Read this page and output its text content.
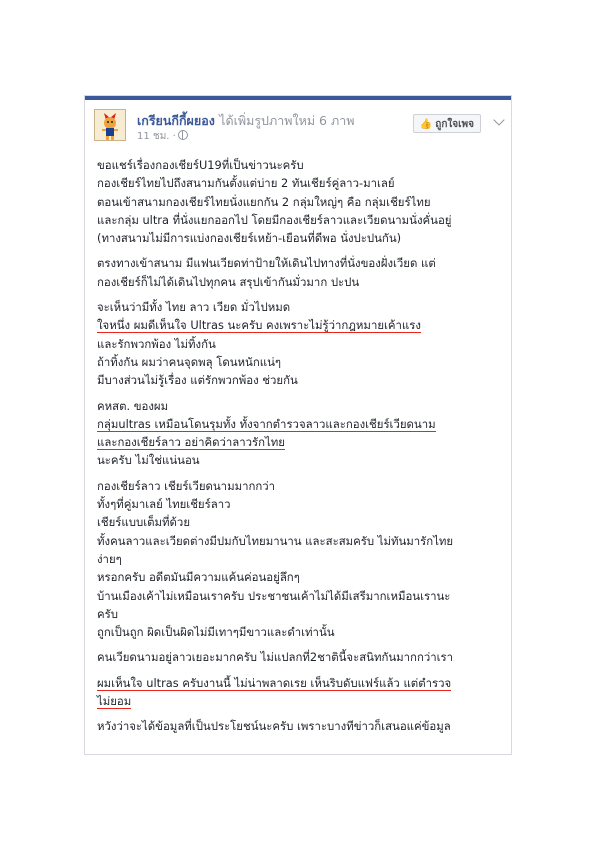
เกรียนกีกี้ผยอง ได้เพิ่มรูปภาพใหม่ 6 ภาพ
11 ชม. ·
👍 ถูกใจเพจ
ขอแชร์เรื่องกองเชียร์U19ที่เป็นข่าวนะครับ
กองเชียร์ไทยไปถึงสนามกันตั้งแต่บ่าย 2 ทันเชียร์คู่ลาว-มาเลย์
ตอนเข้าสนามกองเชียร์ไทยนั่งแยกกัน 2 กลุ่มใหญ่ๆ คือ กลุ่มเชียร์ไทย
และกลุ่ม ultra ที่นั่งแยกออกไป โดยมีกองเชียร์ลาวและเวียดนามนั่งคั่นอยู่
(ทางสนามไม่มีการแบ่งกองเชียร์เหย้า-เยือนที่ดีพอ นั่งปะปนกัน)
ตรงทางเข้าสนาม มีแฟนเวียดท่าป้ายให้เดินไปทางที่นั่งของฝั่งเวียด แต่
กองเชียร์ก็ไม่ได้เดินไปทุกคน สรุปเข้ากันมั่วมาก ปะปน
จะเห็นว่ามีทั้ง ไทย ลาว เวียด มั่วไปหมด
ใจหนึ่ง ผมดีเห็นใจ Ultras นะครับ คงเพราะไม่รู้ว่ากฎหมายเค้าแรง
และรักพวกพ้อง ไม่ทิ้งกัน
ถ้าทิ้งกัน ผมว่าคนจุดพลุ โดนหนักแน่ๆ
มีบางส่วนไม่รู้เรื่อง แต่รักพวกพ้อง ช่วยกัน
คหสต. ของผม
กลุ่มultras เหมือนโดนรุมทั้ง ทั้งจากตำรวจลาวและกองเชียร์เวียดนาม
และกองเชียร์ลาว อย่าคิดว่าลาวรักไทย
นะครับ ไม่ใช่แน่นอน
กองเชียร์ลาว เชียร์เวียดนามมากกว่า
ทั้งๆที่คู่มาเลย์ ไทยเชียร์ลาว
เชียร์แบบเต็มที่ด้วย
ทั้งคนลาวและเวียดต่างมีปมกับไทยมานาน และสะสมครับ ไม่ทันมารักไทย
ง่ายๆ
หรอกครับ อดีตมันมีความแค้นค่อนอยู่ลึกๆ
บ้านเมืองเค้าไม่เหมือนเราครับ ประชาชนเค้าไม่ได้มีเสรีมากเหมือนเรานะ
ครับ
ถูกเป็นถูก ผิดเป็นผิดไม่มีเทาๆมีขาวและดำเท่านั้น
คนเวียดนามอยู่ลาวเยอะมากครับ ไม่แปลกที่2ชาตินี้จะสนิทกันมากกว่าเรา
ผมเห็นใจ ultras ครับงานนี้ ไม่น่าพลาดเรย เห็นริบดับแฟร์แล้ว แต่ตำรวจ
ไม่ยอม
หวังว่าจะได้ข้อมูลที่เป็นประโยชน์นะครับ เพราะบางทีข่าวก็เสนอแค่ข้อมูล
